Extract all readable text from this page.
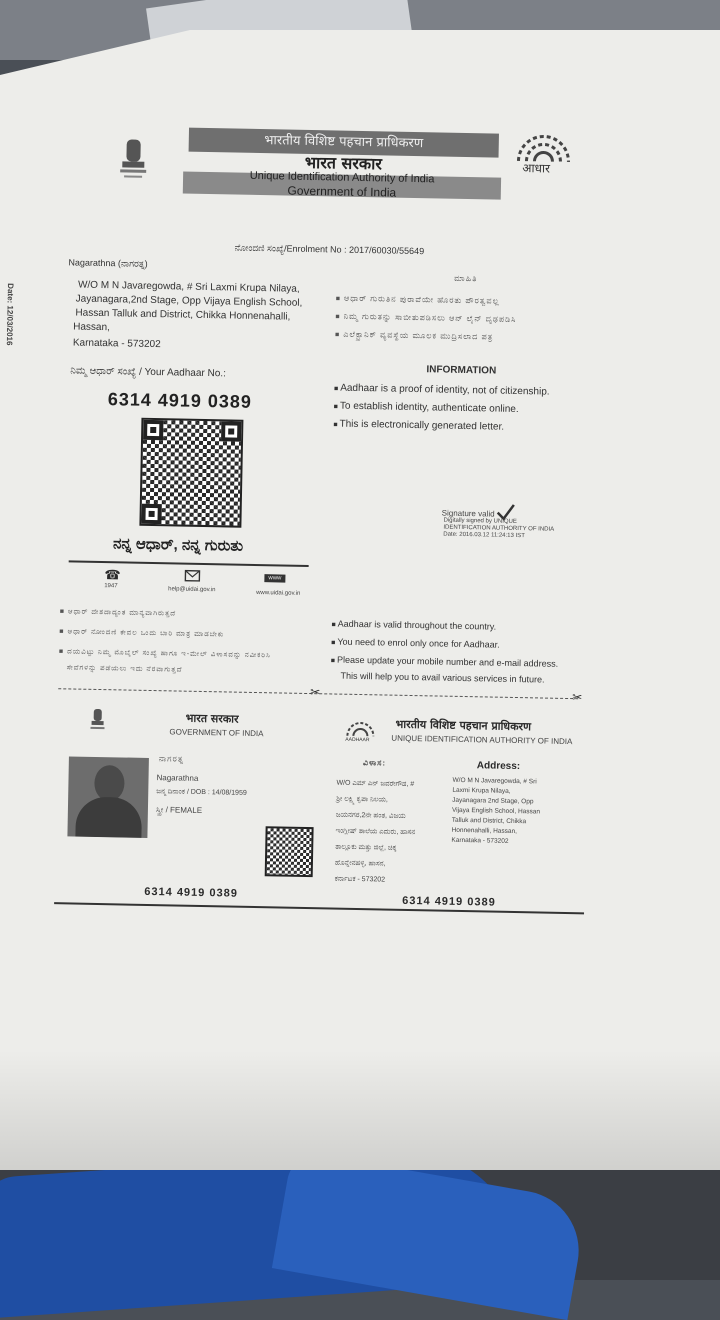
भारतीय विशिष्ट पहचान प्राधिकरण
भारत सरकार
Unique Identification Authority of India
Government of India
आधार
ನೋಂದಣಿ ಸಂಖ್ಯೆ/Enrolment No : 2017/60030/55649
Date: 12/03/2016
Nagarathna (ನಾಗರತ್ನ)
W/O M N Javaregowda, # Sri Laxmi Krupa Nilaya,
Jayanagara,2nd Stage, Opp Vijaya English School,
Hassan Talluk and District, Chikka Honnenahalli,
Hassan,
Karnataka - 573202
ಮಾಹಿತಿ
■ ಆಧಾರ್ ಗುರುತಿನ ಪುರಾವೆಯೇ ಹೊರತು ಪೌರತ್ವವಲ್ಲ
■ ನಿಮ್ಮ ಗುರುತನ್ನು ಸಾಬೀತುಪಡಿಸಲು ಆನ್ ಲೈನ್ ದೃಢಪಡಿಸಿ
■ ಎಲೆಕ್ಟ್ರಾನಿಕ್ ವ್ಯವಸ್ಥೆಯ ಮೂಲಕ ಮುದ್ರಿಸಲಾದ ಪತ್ರ
ನಿಮ್ಮ ಆಧಾರ್ ಸಂಖ್ಯೆ / Your Aadhaar No.:
6314 4919 0389
INFORMATION
■ Aadhaar is a proof of identity, not of citizenship.
■ To establish identity, authenticate online.
■ This is electronically generated letter.
Signature valid
Digitally signed by UNIQUE
IDENTIFICATION AUTHORITY OF INDIA
Date: 2016.03.12 11:24:13 IST
ನನ್ನ ಆಧಾರ್, ನನ್ನ ಗುರುತು
☎
1947
help@uidai.gov.in
www
www.uidai.gov.in
■ ಆಧಾರ್ ದೇಶದಾದ್ಯಂತ ಮಾನ್ಯವಾಗಿರುತ್ತದೆ
■ ಆಧಾರ್ ನೋಂದಣಿ ಕೇವಲ ಒಂದು ಬಾರಿ ಮಾತ್ರ ಮಾಡಬೇಕು
■ ದಯವಿಟ್ಟು ನಿಮ್ಮ ಮೊಬೈಲ್ ಸಂಖ್ಯೆ ಹಾಗೂ ಇ-ಮೇಲ್ ವಿಳಾಸವನ್ನು ನವೀಕರಿಸಿ
ಸೇವೆಗಳನ್ನು ಪಡೆಯಲು ಇದು ನೆರವಾಗುತ್ತದೆ
■ Aadhaar is valid throughout the country.
■ You need to enrol only once for Aadhaar.
■ Please update your mobile number and e-mail address.
This will help you to avail various services in future.
✂	✂
भारत सरकार
GOVERNMENT OF INDIA
ನಾಗರತ್ನ
Nagarathna
ಜನ್ಮ ದಿನಾಂಕ / DOB : 14/08/1959
ಸ್ತ್ರೀ / FEMALE
6314 4919 0389
AADHAAR
भारतीय विशिष्ट पहचान प्राधिकरण
UNIQUE IDENTIFICATION AUTHORITY OF INDIA
ವಿಳಾಸ:
W/O ಎಮ್ ಎನ್ ಜವರೇಗೌಡ, #
ಶ್ರೀ ಲಕ್ಷ್ಮಿ ಕೃಪಾ ನಿಲಯ,
ಜಯನಗರ,2ನೇ ಹಂತ, ವಿಜಯ
ಇಂಗ್ಲೀಷ್ ಶಾಲೆಯ ಎದುರು, ಹಾಸನ
ತಾಲ್ಲೂಕು ಮತ್ತು ಜಿಲ್ಲೆ, ಚಿಕ್ಕ
ಹೊನ್ನೇನಹಳ್ಳಿ, ಹಾಸನ,
ಕರ್ನಾಟಕ - 573202
Address:
W/O M N Javaregowda, # Sri
Laxmi Krupa Nilaya,
Jayanagara 2nd Stage, Opp
Vijaya English School, Hassan
Talluk and District, Chikka
Honnenahalli, Hassan,
Karnataka - 573202
6314 4919 0389
